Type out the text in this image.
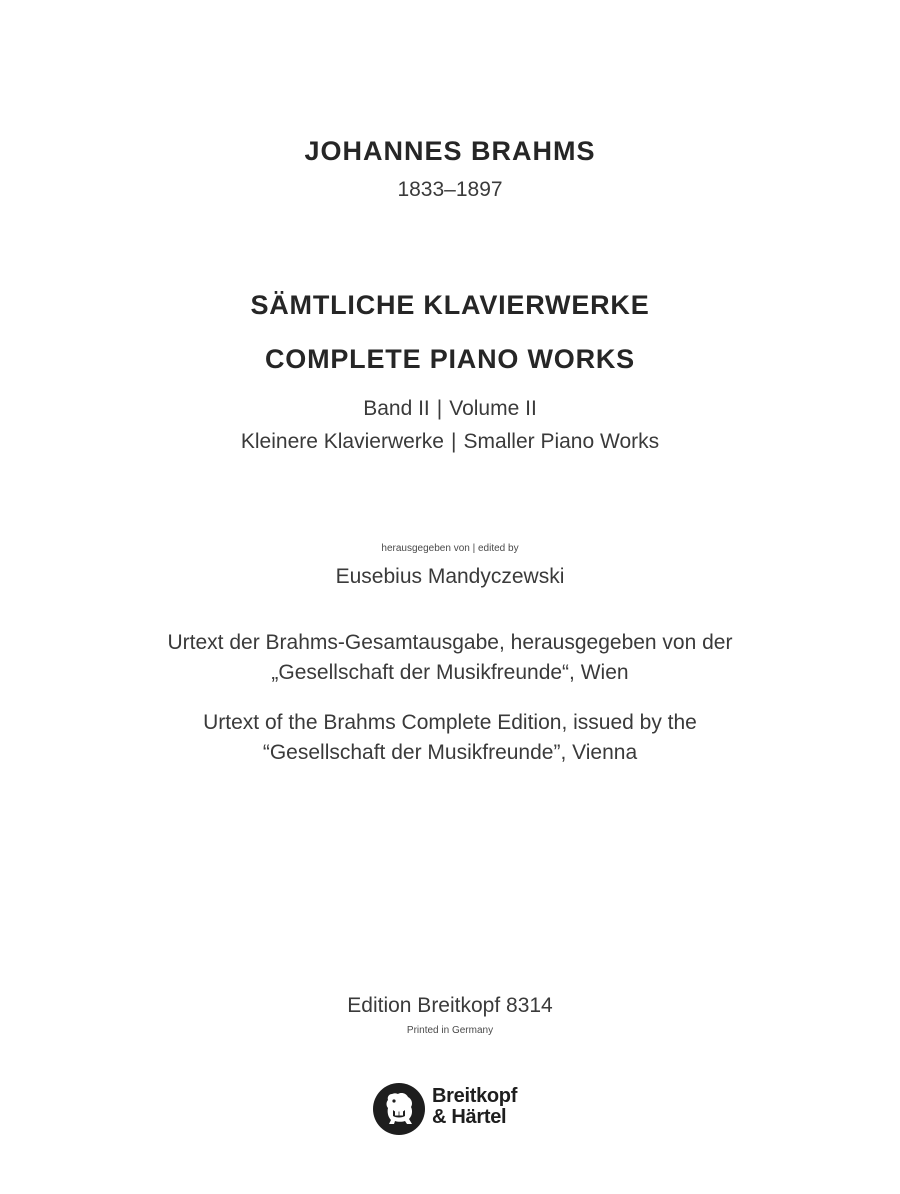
JOHANNES BRAHMS
1833–1897
SÄMTLICHE KLAVIERWERKE
COMPLETE PIANO WORKS
Band II | Volume II
Kleinere Klavierwerke | Smaller Piano Works
herausgegeben von | edited by
Eusebius Mandyczewski
Urtext der Brahms-Gesamtausgabe, herausgegeben von der
„Gesellschaft der Musikfreunde“, Wien
Urtext of the Brahms Complete Edition, issued by the
“Gesellschaft der Musikfreunde”, Vienna
Edition Breitkopf 8314
Printed in Germany
Breitkopf
& Härtel
